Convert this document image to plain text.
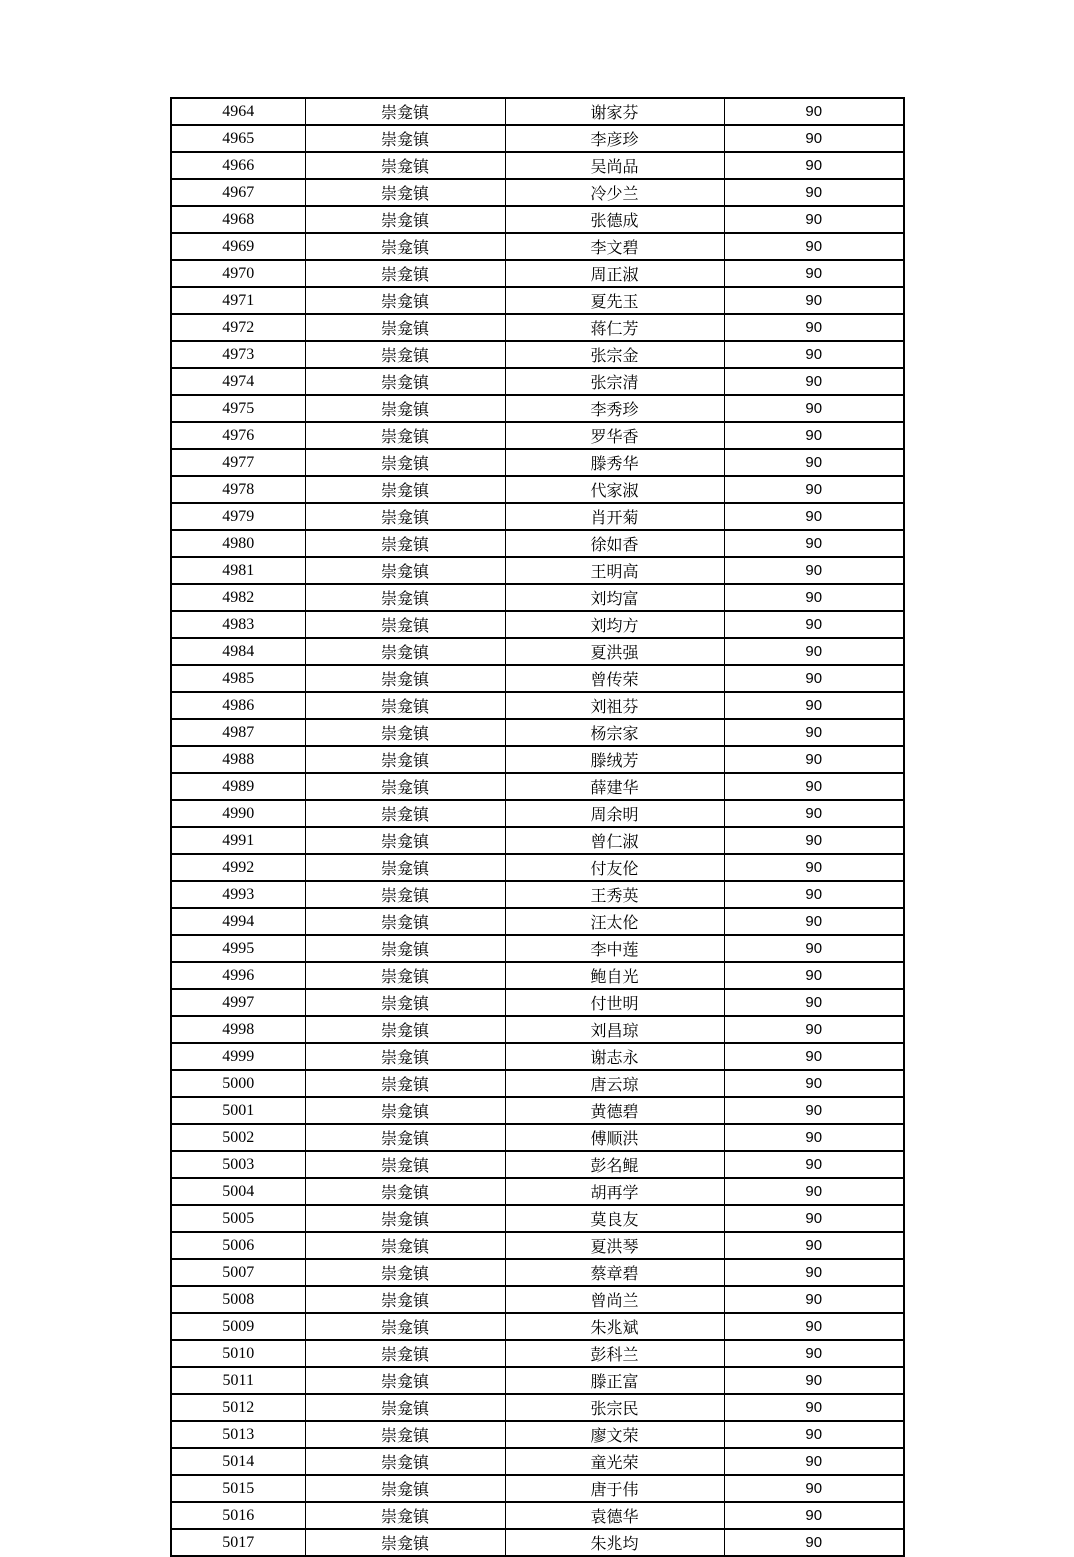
4964	崇龛镇	谢家芬	90
4965	崇龛镇	李彦珍	90
4966	崇龛镇	吴尚品	90
4967	崇龛镇	冷少兰	90
4968	崇龛镇	张德成	90
4969	崇龛镇	李文碧	90
4970	崇龛镇	周正淑	90
4971	崇龛镇	夏先玉	90
4972	崇龛镇	蒋仁芳	90
4973	崇龛镇	张宗金	90
4974	崇龛镇	张宗清	90
4975	崇龛镇	李秀珍	90
4976	崇龛镇	罗华香	90
4977	崇龛镇	滕秀华	90
4978	崇龛镇	代家淑	90
4979	崇龛镇	肖开菊	90
4980	崇龛镇	徐如香	90
4981	崇龛镇	王明高	90
4982	崇龛镇	刘均富	90
4983	崇龛镇	刘均方	90
4984	崇龛镇	夏洪强	90
4985	崇龛镇	曾传荣	90
4986	崇龛镇	刘祖芬	90
4987	崇龛镇	杨宗家	90
4988	崇龛镇	滕绒芳	90
4989	崇龛镇	薛建华	90
4990	崇龛镇	周余明	90
4991	崇龛镇	曾仁淑	90
4992	崇龛镇	付友伦	90
4993	崇龛镇	王秀英	90
4994	崇龛镇	汪太伦	90
4995	崇龛镇	李中莲	90
4996	崇龛镇	鲍自光	90
4997	崇龛镇	付世明	90
4998	崇龛镇	刘昌琼	90
4999	崇龛镇	谢志永	90
5000	崇龛镇	唐云琼	90
5001	崇龛镇	黄德碧	90
5002	崇龛镇	傅顺洪	90
5003	崇龛镇	彭名鲲	90
5004	崇龛镇	胡再学	90
5005	崇龛镇	莫良友	90
5006	崇龛镇	夏洪琴	90
5007	崇龛镇	蔡章碧	90
5008	崇龛镇	曾尚兰	90
5009	崇龛镇	朱兆斌	90
5010	崇龛镇	彭科兰	90
5011	崇龛镇	滕正富	90
5012	崇龛镇	张宗民	90
5013	崇龛镇	廖文荣	90
5014	崇龛镇	童光荣	90
5015	崇龛镇	唐于伟	90
5016	崇龛镇	袁德华	90
5017	崇龛镇	朱兆均	90
